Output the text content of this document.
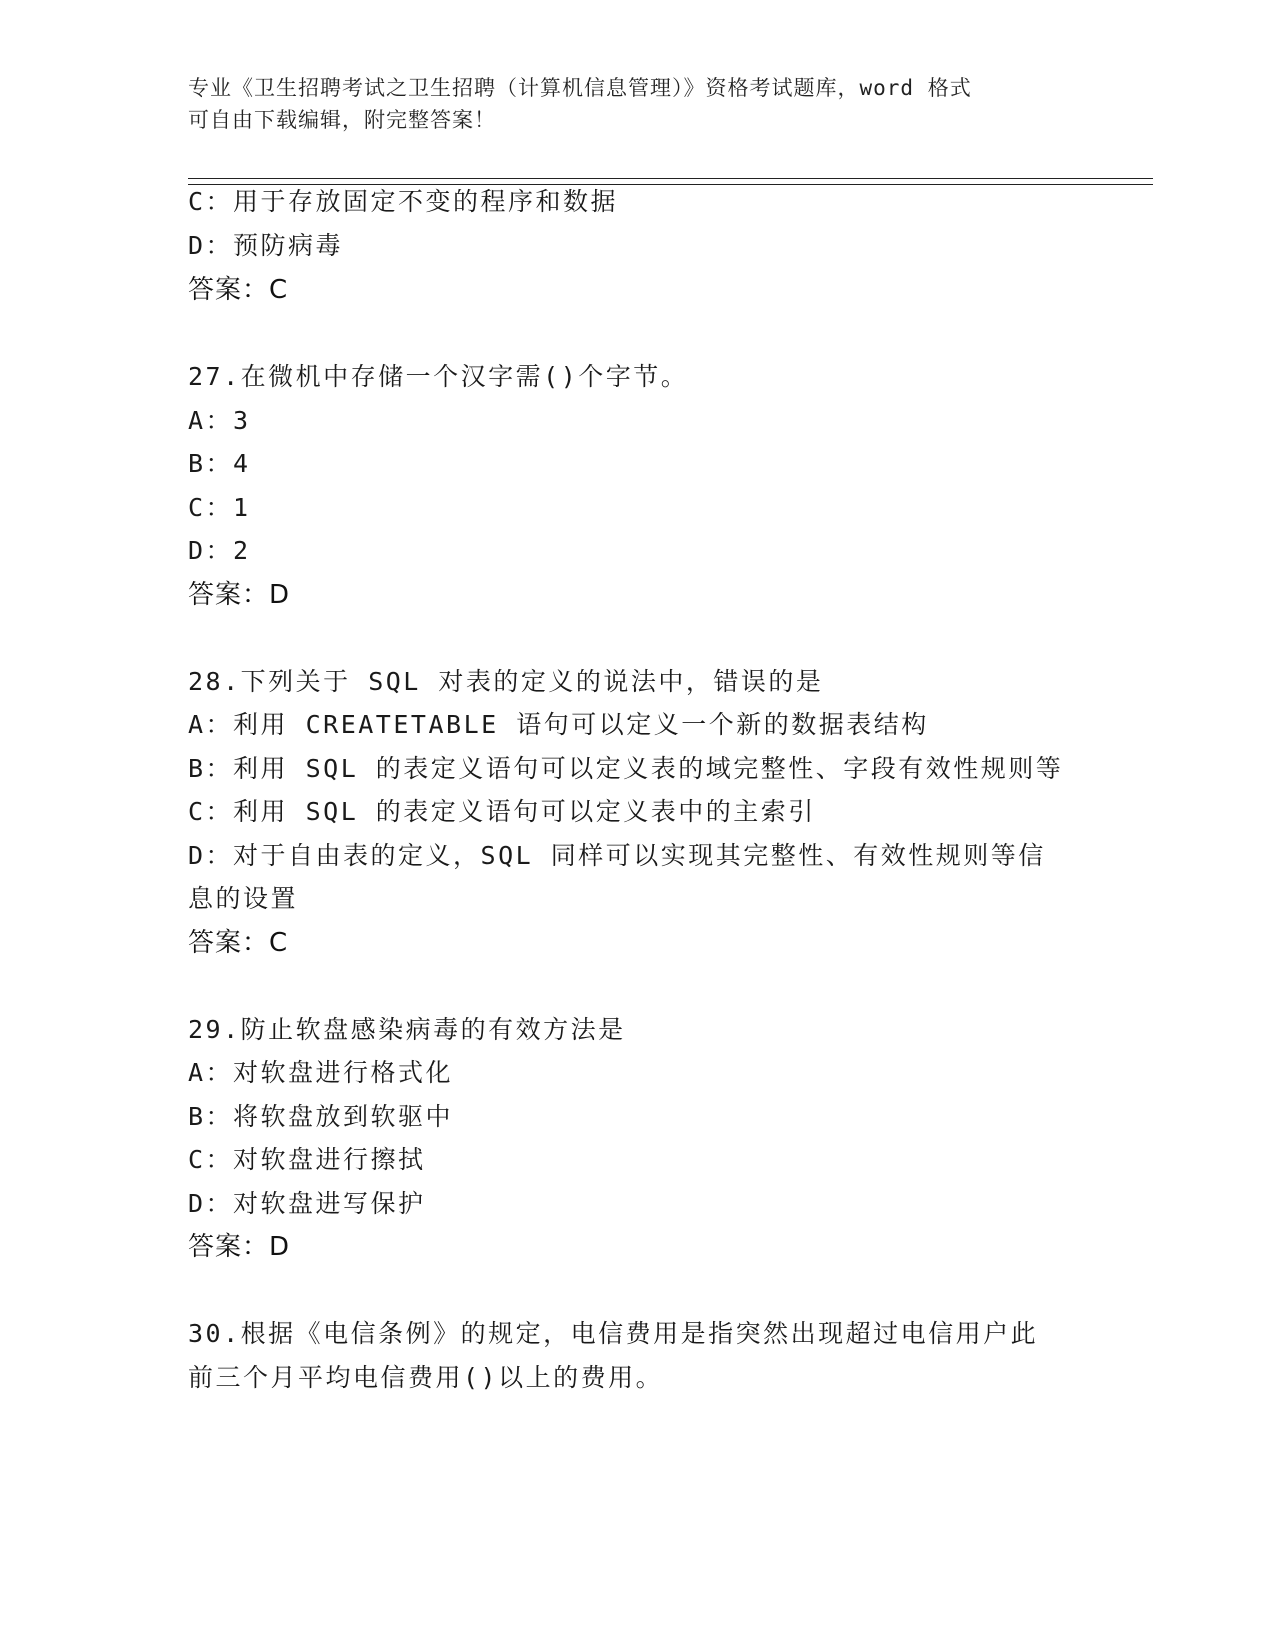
专业《卫生招聘考试之卫生招聘（计算机信息管理）》资格考试题库，word 格式
可自由下载编辑，附完整答案！
C：用于存放固定不变的程序和数据
D：预防病毒
答案：C
27.在微机中存储一个汉字需()个字节。
A：3
B：4
C：1
D：2
答案：D
28.下列关于 SQL 对表的定义的说法中，错误的是
A：利用 CREATETABLE 语句可以定义一个新的数据表结构
B：利用 SQL 的表定义语句可以定义表的域完整性、字段有效性规则等
C：利用 SQL 的表定义语句可以定义表中的主索引
D：对于自由表的定义，SQL 同样可以实现其完整性、有效性规则等信
息的设置
答案：C
29.防止软盘感染病毒的有效方法是
A：对软盘进行格式化
B：将软盘放到软驱中
C：对软盘进行擦拭
D：对软盘进写保护
答案：D
30.根据《电信条例》的规定，电信费用是指突然出现超过电信用户此
前三个月平均电信费用()以上的费用。
